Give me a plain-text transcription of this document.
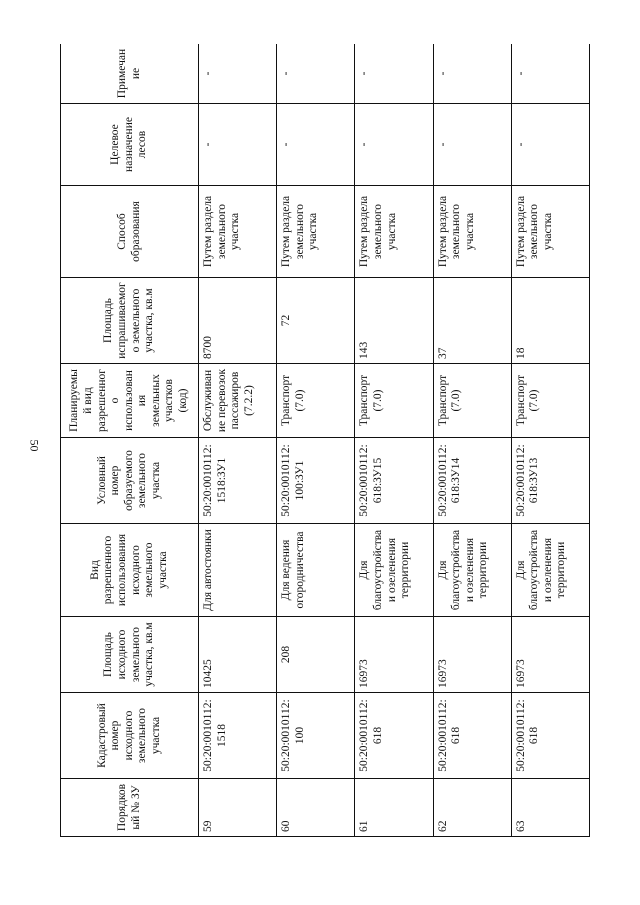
50
Порядковый № ЗУ	Кадастровый номер исходного земельного участка	Площадь исходного земельного участка, кв.м	Вид разрешенного использования исходного земельного участка	Условный номер образуемого земельного участка	Планируемый вид разрешенного использования земельных участков (код)	Площадь испрашиваемого земельного участка, кв.м	Способ образования	Целевое назначение лесов	Примечание
59	50:20:0010112:1518	10425	Для автостоянки	50:20:0010112:1518:ЗУ1	Обслуживание перевозок пассажиров (7.2.2)	8700	Путем раздела земельного участка	-	-
60	50:20:0010112:100	208	Для ведения огородничества	50:20:0010112:100:ЗУ1	Транспорт (7.0)	72	Путем раздела земельного участка	-	-
61	50:20:0010112:618	16973	Для благоустройства и озеленения территории	50:20:0010112:618:ЗУ15	Транспорт (7.0)	143	Путем раздела земельного участка	-	-
62	50:20:0010112:618	16973	Для благоустройства и озеленения территории	50:20:0010112:618:ЗУ14	Транспорт (7.0)	37	Путем раздела земельного участка	-	-
63	50:20:0010112:618	16973	Для благоустройства и озеленения территории	50:20:0010112:618:ЗУ13	Транспорт (7.0)	18	Путем раздела земельного участка	-	-
